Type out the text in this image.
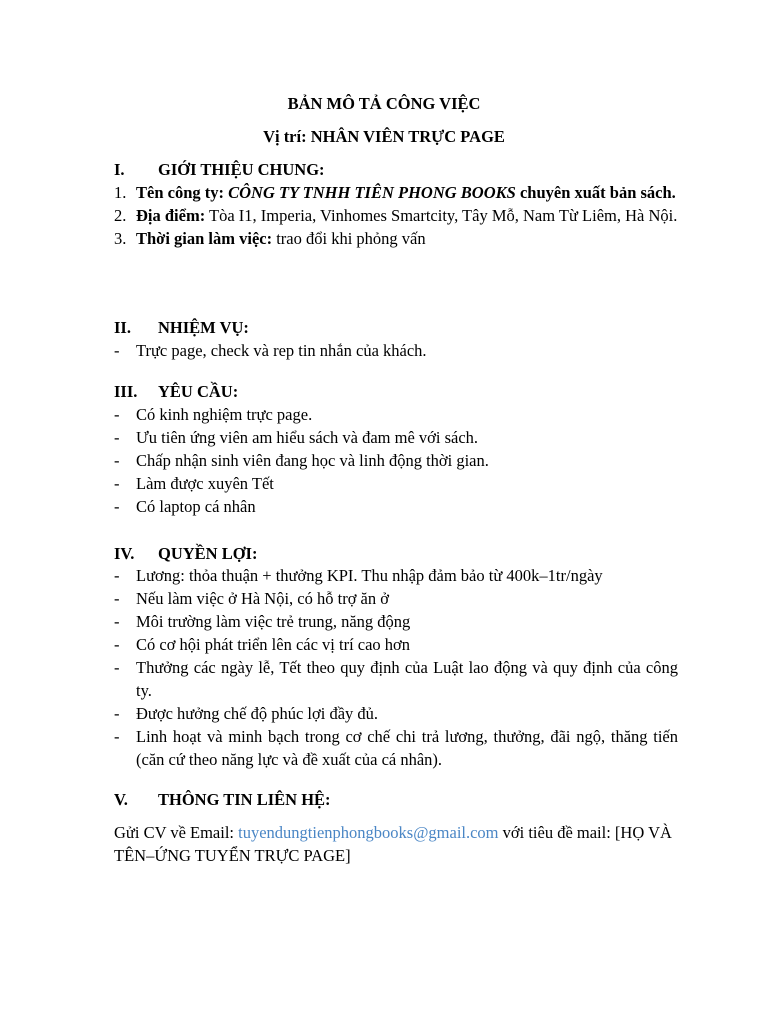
BẢN MÔ TẢ CÔNG VIỆC
Vị trí: NHÂN VIÊN TRỰC PAGE
I. GIỚI THIỆU CHUNG:
1. Tên công ty: CÔNG TY TNHH TIÊN PHONG BOOKS chuyên xuất bản sách.
2. Địa điểm: Tòa I1, Imperia, Vinhomes Smartcity, Tây Mỗ, Nam Từ Liêm, Hà Nội.
3. Thời gian làm việc: trao đổi khi phỏng vấn
II. NHIỆM VỤ:
- Trực page, check và rep tin nhắn của khách.
III. YÊU CẦU:
- Có kinh nghiệm trực page.
- Ưu tiên ứng viên am hiểu sách và đam mê với sách.
- Chấp nhận sinh viên đang học và linh động thời gian.
- Làm được xuyên Tết
- Có laptop cá nhân
IV. QUYỀN LỢI:
- Lương: thỏa thuận + thưởng KPI. Thu nhập đảm bảo từ 400k‒1tr/ngày
- Nếu làm việc ở Hà Nội, có hỗ trợ ăn ở
- Môi trường làm việc trẻ trung, năng động
- Có cơ hội phát triển lên các vị trí cao hơn
- Thưởng các ngày lễ, Tết theo quy định của Luật lao động và quy định của công ty.
- Được hưởng chế độ phúc lợi đầy đủ.
- Linh hoạt và minh bạch trong cơ chế chi trả lương, thưởng, đãi ngộ, thăng tiến (căn cứ theo năng lực và đề xuất của cá nhân).
V. THÔNG TIN LIÊN HỆ:
Gửi CV về Email: tuyendungtienphongbooks@gmail.com với tiêu đề mail: [HỌ VÀ TÊN–ỨNG TUYỂN TRỰC PAGE]
